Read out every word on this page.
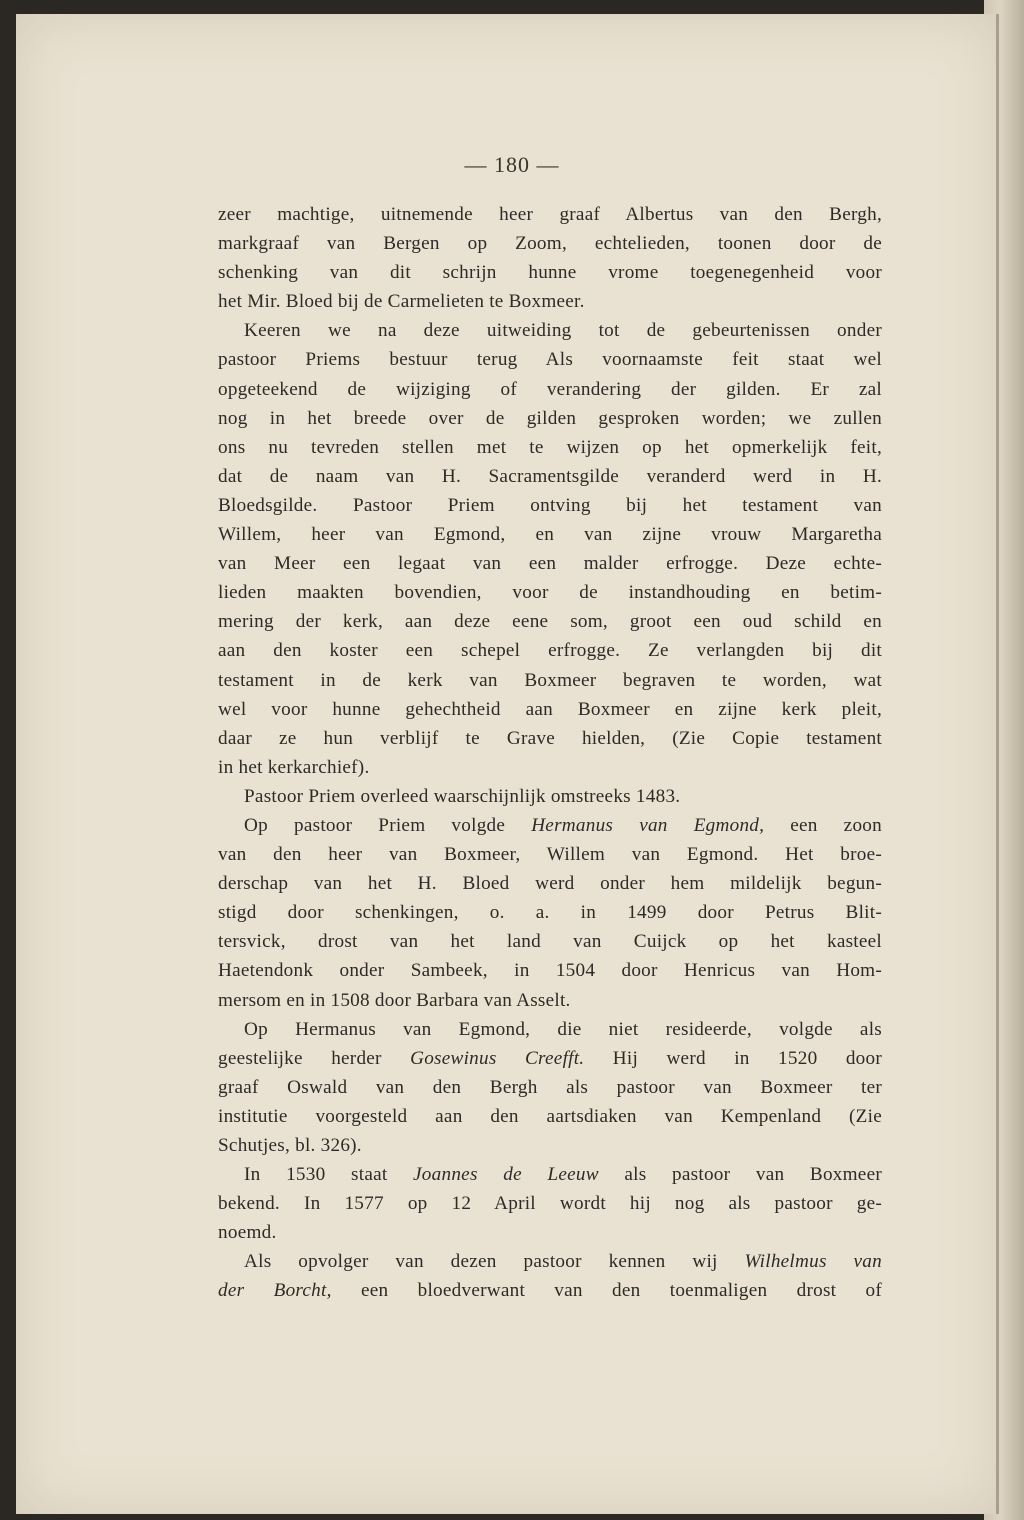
— 180 —
zeer machtige, uitnemende heer graaf Albertus van den Bergh,
markgraaf van Bergen op Zoom, echtelieden, toonen door de
schenking van dit schrijn hunne vrome toegenegenheid voor
het Mir. Bloed bij de Carmelieten te Boxmeer.
Keeren we na deze uitweiding tot de gebeurtenissen onder
pastoor Priems bestuur terug Als voornaamste feit staat wel
opgeteekend de wijziging of verandering der gilden. Er zal
nog in het breede over de gilden gesproken worden; we zullen
ons nu tevreden stellen met te wijzen op het opmerkelijk feit,
dat de naam van H. Sacramentsgilde veranderd werd in H.
Bloedsgilde. Pastoor Priem ontving bij het testament van
Willem, heer van Egmond, en van zijne vrouw Margaretha
van Meer een legaat van een malder erfrogge. Deze echte-
lieden maakten bovendien, voor de instandhouding en betim-
mering der kerk, aan deze eene som, groot een oud schild en
aan den koster een schepel erfrogge. Ze verlangden bij dit
testament in de kerk van Boxmeer begraven te worden, wat
wel voor hunne gehechtheid aan Boxmeer en zijne kerk pleit,
daar ze hun verblijf te Grave hielden, (Zie Copie testament
in het kerkarchief).
Pastoor Priem overleed waarschijnlijk omstreeks 1483.
Op pastoor Priem volgde Hermanus van Egmond, een zoon
van den heer van Boxmeer, Willem van Egmond. Het broe-
derschap van het H. Bloed werd onder hem mildelijk begun-
stigd door schenkingen, o. a. in 1499 door Petrus Blit-
tersvick, drost van het land van Cuijck op het kasteel
Haetendonk onder Sambeek, in 1504 door Henricus van Hom-
mersom en in 1508 door Barbara van Asselt.
Op Hermanus van Egmond, die niet resideerde, volgde als
geestelijke herder Gosewinus Creefft. Hij werd in 1520 door
graaf Oswald van den Bergh als pastoor van Boxmeer ter
institutie voorgesteld aan den aartsdiaken van Kempenland (Zie
Schutjes, bl. 326).
In 1530 staat Joannes de Leeuw als pastoor van Boxmeer
bekend. In 1577 op 12 April wordt hij nog als pastoor ge-
noemd.
Als opvolger van dezen pastoor kennen wij Wilhelmus van
der Borcht, een bloedverwant van den toenmaligen drost of
